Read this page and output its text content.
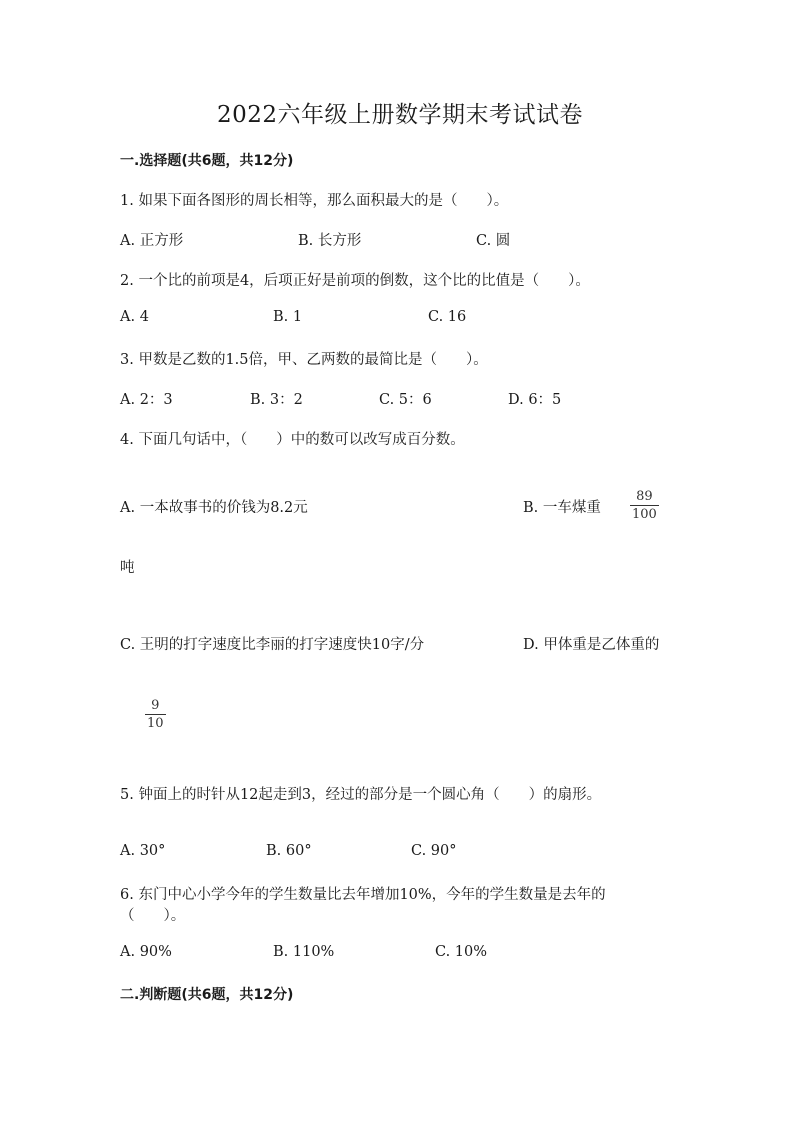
2022六年级上册数学期末考试试卷
一.选择题(共6题，共12分)
1. 如果下面各图形的周长相等，那么面积最大的是（　　）。
A. 正方形	B. 长方形	C. 圆
2. 一个比的前项是4，后项正好是前项的倒数，这个比的比值是（　　）。
A. 4	B. 1	C. 16
3. 甲数是乙数的1.5倍，甲、乙两数的最简比是（　　）。
A. 2：3	B. 3：2	C. 5：6	D. 6：5
4. 下面几句话中，（　　）中的数可以改写成百分数。
A. 一本故事书的价钱为8.2元	B. 一车煤重
89
100
吨
C. 王明的打字速度比李丽的打字速度快10字/分	D. 甲体重是乙体重的
9
10
5. 钟面上的时针从12起走到3，经过的部分是一个圆心角（　　）的扇形。
A. 30°	B. 60°	C. 90°
6. 东门中心小学今年的学生数量比去年增加10%，今年的学生数量是去年的
（　　）。
A. 90%	B. 110%	C. 10%
二.判断题(共6题，共12分)
